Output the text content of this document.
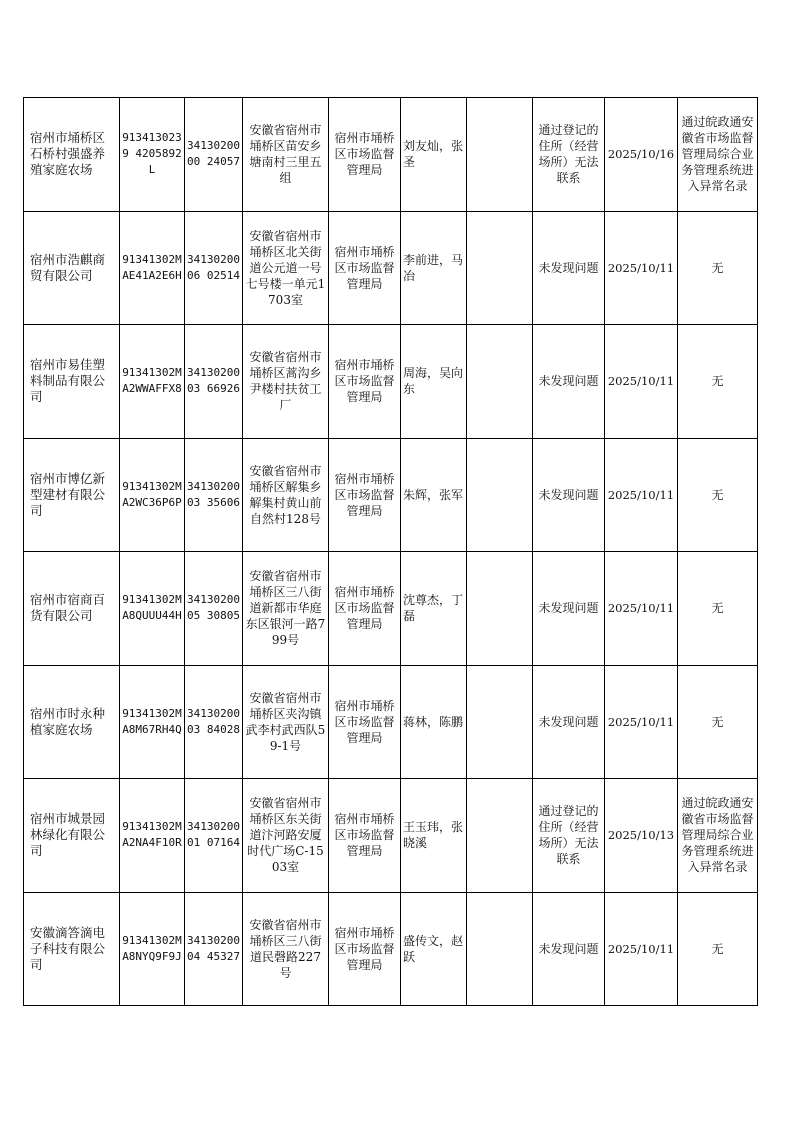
宿州市埇桥区石桥村强盛养殖家庭农场	9134130239 4205892L	3413020000 24057	安徽省宿州市埇桥区苗安乡塘南村三里五组	宿州市埇桥区市场监督管理局	刘友灿，张圣		通过登记的住所（经营场所）无法联系	2025/10/16	通过皖政通安徽省市场监督管理局综合业务管理系统进入异常名录
宿州市浩麒商贸有限公司	91341302M AE41A2E6H	3413020006 02514	安徽省宿州市埇桥区北关街道公元道一号七号楼一单元1703室	宿州市埇桥区市场监督管理局	李前进，马冶		未发现问题	2025/10/11	无
宿州市易佳塑料制品有限公司	91341302M A2WWAFFX8	3413020003 66926	安徽省宿州市埇桥区蒿沟乡尹楼村扶贫工厂	宿州市埇桥区市场监督管理局	周海，吴向东		未发现问题	2025/10/11	无
宿州市博亿新型建材有限公司	91341302M A2WC36P6P	3413020003 35606	安徽省宿州市埇桥区解集乡解集村黄山前自然村128号	宿州市埇桥区市场监督管理局	朱辉，张军		未发现问题	2025/10/11	无
宿州市宿商百货有限公司	91341302M A8QUUU44H	3413020005 30805	安徽省宿州市埇桥区三八街道新都市华庭东区银河一路799号	宿州市埇桥区市场监督管理局	沈尊杰，丁磊		未发现问题	2025/10/11	无
宿州市时永种植家庭农场	91341302M A8M67RH4Q	3413020003 84028	安徽省宿州市埇桥区夹沟镇武李村武西队59-1号	宿州市埇桥区市场监督管理局	蒋林，陈鹏		未发现问题	2025/10/11	无
宿州市城景园林绿化有限公司	91341302M A2NA4F10R	3413020001 07164	安徽省宿州市埇桥区东关街道汴河路安厦时代广场C-1503室	宿州市埇桥区市场监督管理局	王玉玮，张晓溪		通过登记的住所（经营场所）无法联系	2025/10/13	通过皖政通安徽省市场监督管理局综合业务管理系统进入异常名录
安徽滴答滴电子科技有限公司	91341302M A8NYQ9F9J	3413020004 45327	安徽省宿州市埇桥区三八街道民磬路227号	宿州市埇桥区市场监督管理局	盛传文，赵跃		未发现问题	2025/10/11	无
